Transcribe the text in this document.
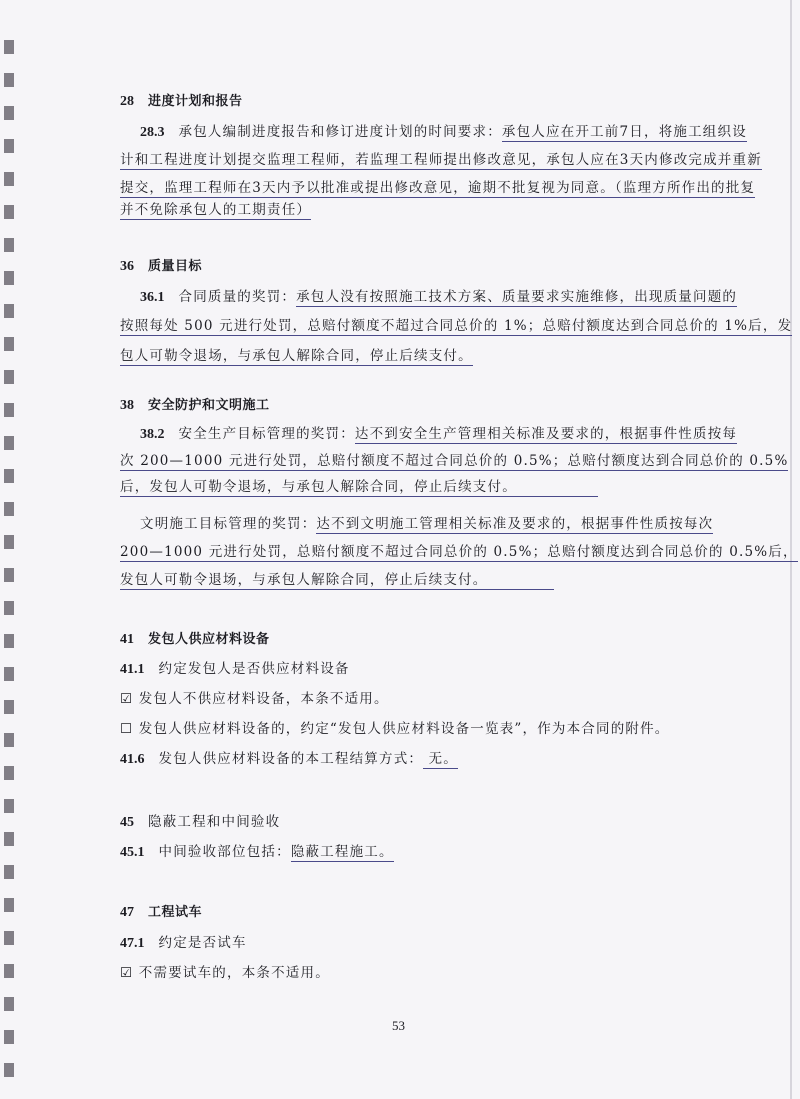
28 进度计划和报告
28.3 承包人编制进度报告和修订进度计划的时间要求：承包人应在开工前7日，将施工组织设
计和工程进度计划提交监理工程师，若监理工程师提出修改意见，承包人应在3天内修改完成并重新
提交，监理工程师在3天内予以批准或提出修改意见，逾期不批复视为同意。（监理方所作出的批复
并不免除承包人的工期责任）
36 质量目标
36.1 合同质量的奖罚：承包人没有按照施工技术方案、质量要求实施维修，出现质量问题的
按照每处 500 元进行处罚，总赔付额度不超过合同总价的 1%；总赔付额度达到合同总价的 1%后，发
包人可勒令退场，与承包人解除合同，停止后续支付。
38 安全防护和文明施工
38.2 安全生产目标管理的奖罚：达不到安全生产管理相关标准及要求的，根据事件性质按每
次 200—1000 元进行处罚，总赔付额度不超过合同总价的 0.5%；总赔付额度达到合同总价的 0.5%
后，发包人可勒令退场，与承包人解除合同，停止后续支付。　　　　　　
文明施工目标管理的奖罚：达不到文明施工管理相关标准及要求的，根据事件性质按每次
200—1000 元进行处罚，总赔付额度不超过合同总价的 0.5%；总赔付额度达到合同总价的 0.5%后，
发包人可勒令退场，与承包人解除合同，停止后续支付。　　　　　
41 发包人供应材料设备
41.1 约定发包人是否供应材料设备
☑ 发包人不供应材料设备，本条不适用。
☐ 发包人供应材料设备的，约定“发包人供应材料设备一览表”，作为本合同的附件。
41.6 发包人供应材料设备的本工程结算方式： 无。
45 隐蔽工程和中间验收
45.1 中间验收部位包括：隐蔽工程施工。
47 工程试车
47.1 约定是否试车
☑ 不需要试车的，本条不适用。
53
